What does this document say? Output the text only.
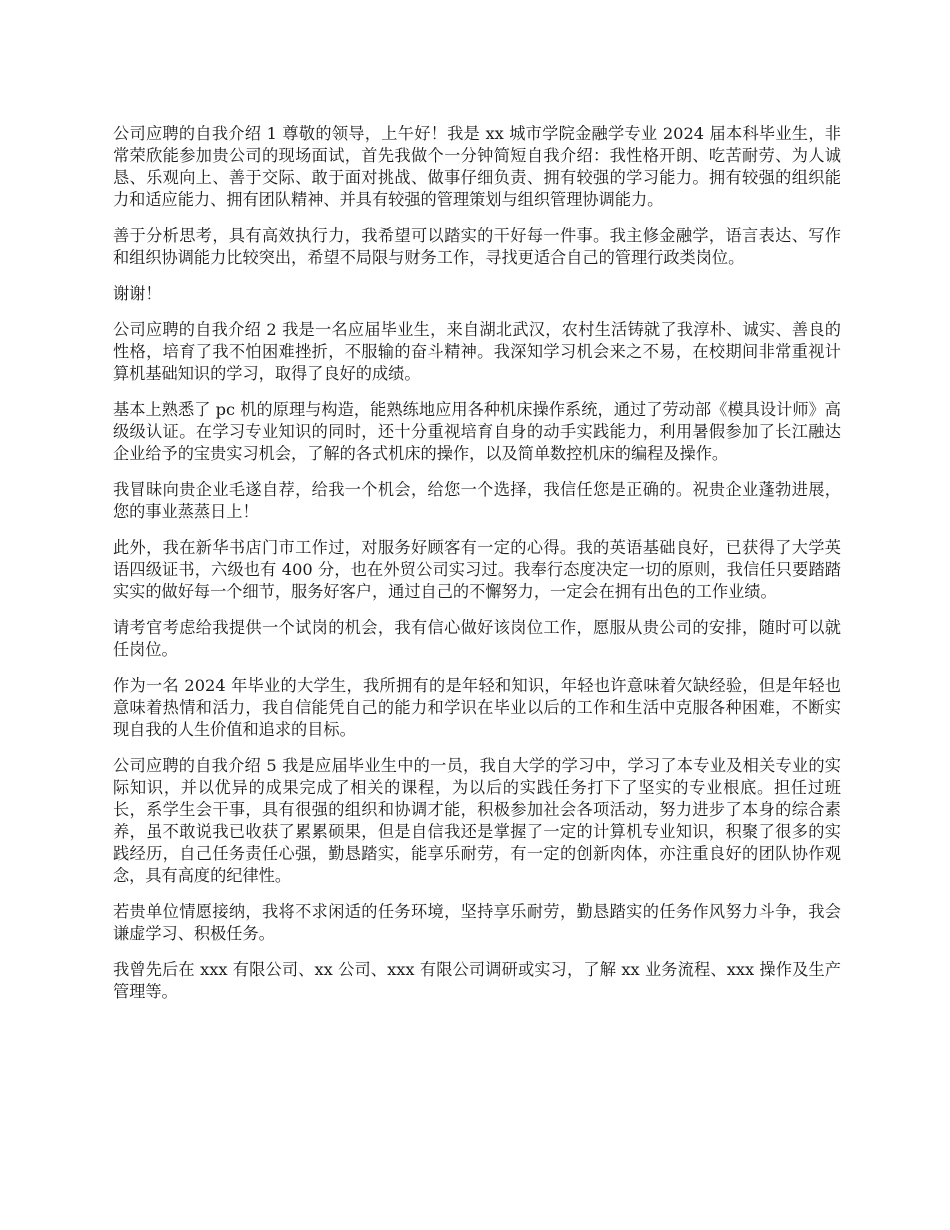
公司应聘的自我介绍 1 尊敬的领导，上午好！我是 xx 城市学院金融学专业 2024 届本科毕业生，非常荣欣能参加贵公司的现场面试，首先我做个一分钟简短自我介绍：我性格开朗、吃苦耐劳、为人诚恳、乐观向上、善于交际、敢于面对挑战、做事仔细负责、拥有较强的学习能力。拥有较强的组织能力和适应能力、拥有团队精神、并具有较强的管理策划与组织管理协调能力。

善于分析思考，具有高效执行力，我希望可以踏实的干好每一件事。我主修金融学，语言表达、写作和组织协调能力比较突出，希望不局限与财务工作，寻找更适合自己的管理行政类岗位。

谢谢！

公司应聘的自我介绍 2 我是一名应届毕业生，来自湖北武汉，农村生活铸就了我淳朴、诚实、善良的性格，培育了我不怕困难挫折，不服输的奋斗精神。我深知学习机会来之不易，在校期间非常重视计算机基础知识的学习，取得了良好的成绩。

基本上熟悉了 pc 机的原理与构造，能熟练地应用各种机床操作系统，通过了劳动部《模具设计师》高级级认证。在学习专业知识的同时，还十分重视培育自身的动手实践能力，利用暑假参加了长江融达企业给予的宝贵实习机会，了解的各式机床的操作，以及简单数控机床的编程及操作。

我冒昧向贵企业毛遂自荐，给我一个机会，给您一个选择，我信任您是正确的。祝贵企业蓬勃进展，您的事业蒸蒸日上！

此外，我在新华书店门市工作过，对服务好顾客有一定的心得。我的英语基础良好，已获得了大学英语四级证书，六级也有 400 分，也在外贸公司实习过。我奉行态度决定一切的原则，我信任只要踏踏实实的做好每一个细节，服务好客户，通过自己的不懈努力，一定会在拥有出色的工作业绩。

请考官考虑给我提供一个试岗的机会，我有信心做好该岗位工作，愿服从贵公司的安排，随时可以就任岗位。

作为一名 2024 年毕业的大学生，我所拥有的是年轻和知识，年轻也许意味着欠缺经验，但是年轻也意味着热情和活力，我自信能凭自己的能力和学识在毕业以后的工作和生活中克服各种困难，不断实现自我的人生价值和追求的目标。

公司应聘的自我介绍 5 我是应届毕业生中的一员，我自大学的学习中，学习了本专业及相关专业的实际知识，并以优异的成果完成了相关的课程，为以后的实践任务打下了坚实的专业根底。担任过班长，系学生会干事，具有很强的组织和协调才能，积极参加社会各项活动，努力进步了本身的综合素养，虽不敢说我已收获了累累硕果，但是自信我还是掌握了一定的计算机专业知识，积聚了很多的实践经历，自己任务责任心强，勤恳踏实，能享乐耐劳，有一定的创新肉体，亦注重良好的团队协作观念，具有高度的纪律性。

若贵单位情愿接纳，我将不求闲适的任务环境，坚持享乐耐劳，勤恳踏实的任务作风努力斗争，我会谦虚学习、积极任务。

我曾先后在 xxx 有限公司、xx 公司、xxx 有限公司调研或实习，了解 xx 业务流程、xxx 操作及生产管理等。
